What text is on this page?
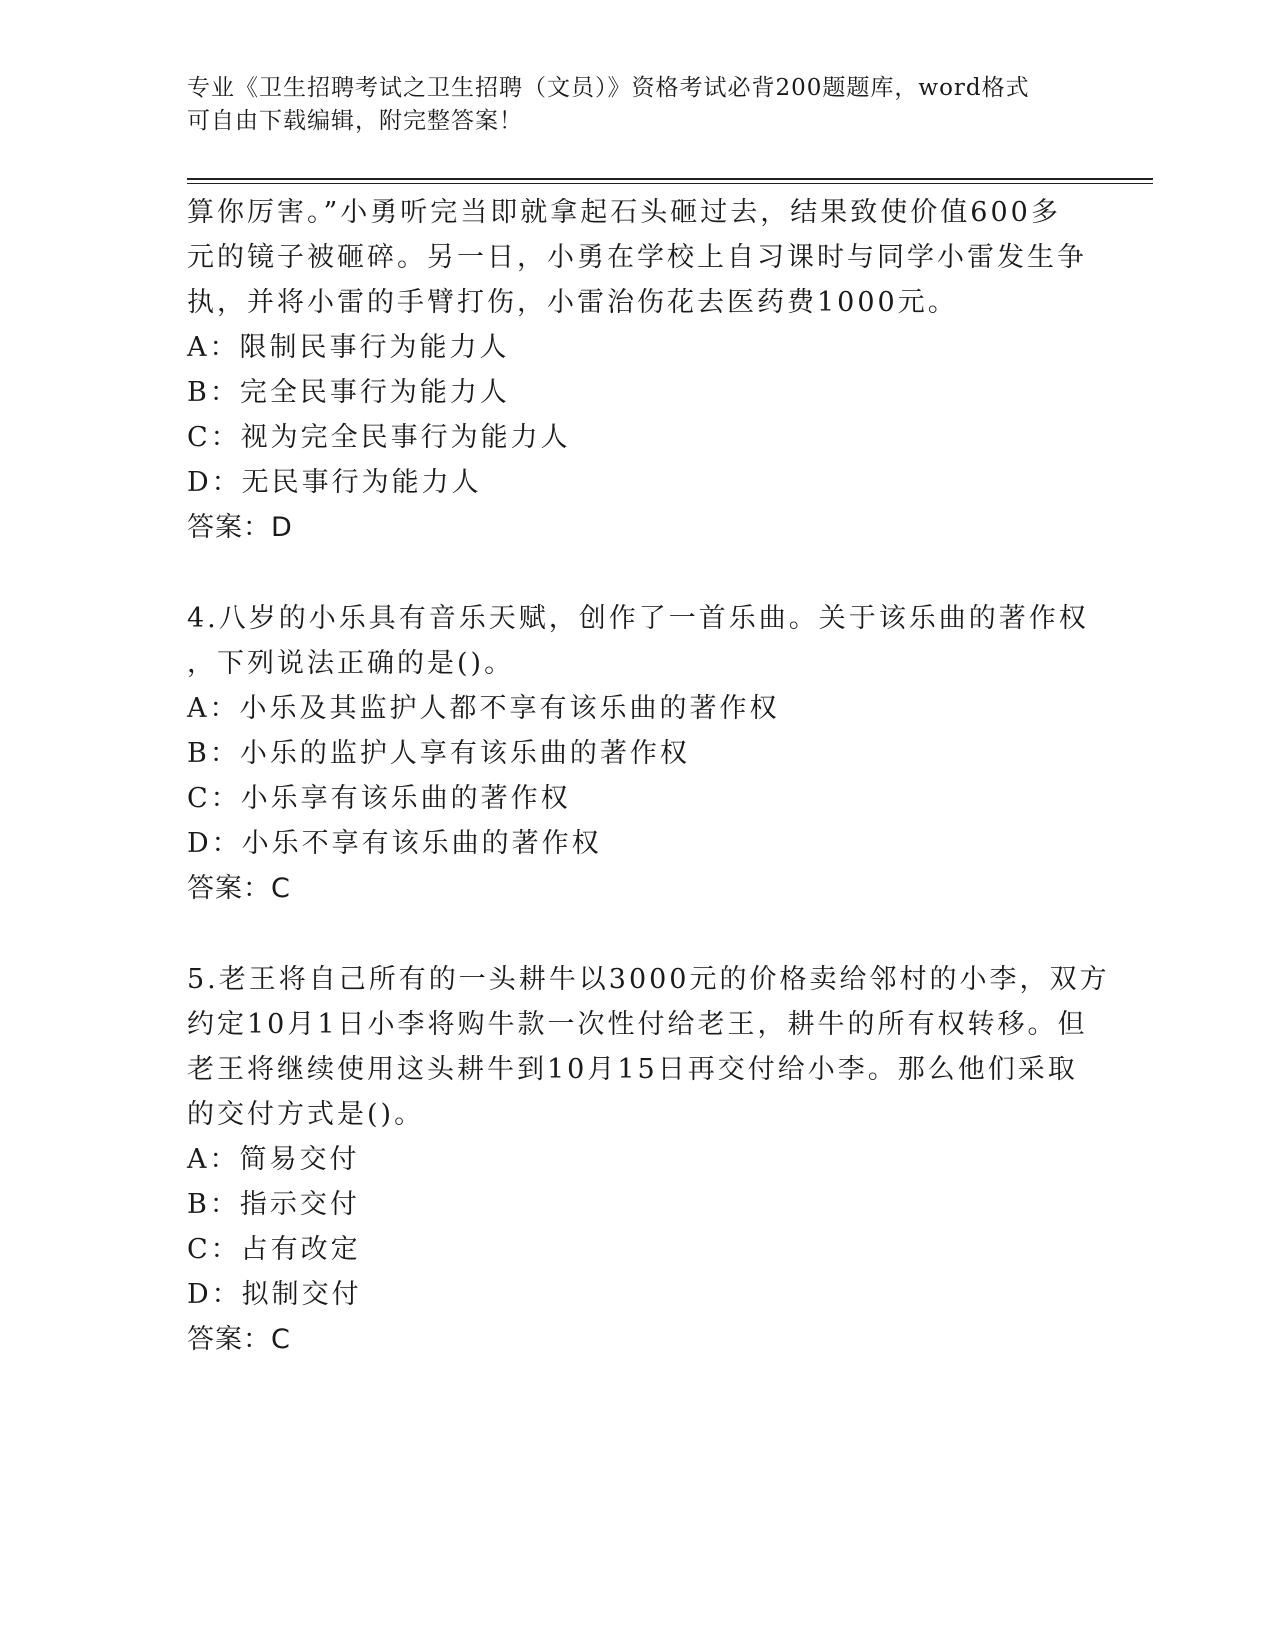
专业《卫生招聘考试之卫生招聘（文员）》资格考试必背200题题库，word格式
可自由下载编辑，附完整答案！
算你厉害。”小勇听完当即就拿起石头砸过去，结果致使价值600多
元的镜子被砸碎。另一日，小勇在学校上自习课时与同学小雷发生争
执，并将小雷的手臂打伤，小雷治伤花去医药费1000元。
A：限制民事行为能力人
B：完全民事行为能力人
C：视为完全民事行为能力人
D：无民事行为能力人
答案：D
4.八岁的小乐具有音乐天赋，创作了一首乐曲。关于该乐曲的著作权
，下列说法正确的是()。
A：小乐及其监护人都不享有该乐曲的著作权
B：小乐的监护人享有该乐曲的著作权
C：小乐享有该乐曲的著作权
D：小乐不享有该乐曲的著作权
答案：C
5.老王将自己所有的一头耕牛以3000元的价格卖给邻村的小李，双方
约定10月1日小李将购牛款一次性付给老王，耕牛的所有权转移。但
老王将继续使用这头耕牛到10月15日再交付给小李。那么他们采取
的交付方式是()。
A：简易交付
B：指示交付
C：占有改定
D：拟制交付
答案：C
